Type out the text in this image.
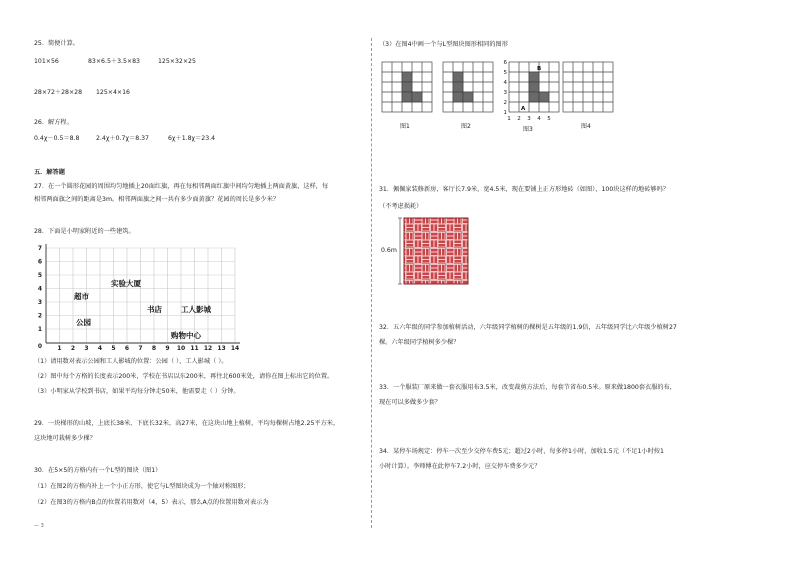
25．简便计算。
101×56	83×6.5＋3.5×83	125×32×25
28×72＋28×28 125×4×16
26．解方程。
0.4χ－0.5＝8.8	2.4χ＋0.7χ＝8.37	6χ＋1.8χ＝23.4
五．解答题
27．在一个圆形花园的周围均匀地插上20面红旗，再在每相邻两面红旗中间均匀地插上两面黄旗，这样，每
相邻两面旗之间的距离是3m。相邻两面旗之间一共有多少面黄旗？花园的周长是多少米？
28．下面是小明家附近的一些建筑。
7
6
5
4
3
2
1
0	1 2 3 4 5 6 7 8 9 10 11 12 13 14
实验大厦
超市
书店	工人影城
公园
购物中心
（1）请用数对表示公园和工人影城的位置：公园（ ），工人影城（ ）。
（2）图中每个方格的长度表示200米，学校在书店以东200米，再往北600米处，请你在图上标出它的位置。
（3）小明家从学校到书店，如果平均每分钟走50米，他需要走（ ）分钟。
29．一块梯形的山坡，上底长38米，下底长32米，高27米，在这块山地上植树，平均每棵树占地2.25平方米，
这块地可栽树多少棵？
30．在5×5的方格内有一个L型的图块（图1）
（1）在图2的方格内补上一个小正方形，使它与L型图块成为一个轴对称图形；
（2）在图3的方格内B点的位置若用数对（4，5）表示，那么A点的位置用数对表示为
— 3
（3）在图4中画一个与L型图块图形相同的图形
图1	图2
6
5
4
3
2
1
1 2 3 4 5
B
A
图3	图4
31．佩佩家装修新房，客厅长7.9米，宽4.5米，现在要铺上正方形地砖（如图），100块这样的地砖够吗？
（不考虑损耗）
0.6m
32．五六年级的同学参加植树活动，六年级同学植树的棵树是五年级的1.9倍，五年级同学比六年级少植树27
棵。六年级同学植树多少棵？
33．一个服装厂原来做一套衣服用布3.5米，改变裁剪方法后，每套节省布0.5米。原来做1800套衣服的布，
现在可以多做多少套？
34．某停车场规定：停车一次至少交停车费5元；超过2小时，每多停1小时，加收1.5元（不足1小时按1
小时计算）。李师傅在此停车7.2小时，应交停车费多少元？
